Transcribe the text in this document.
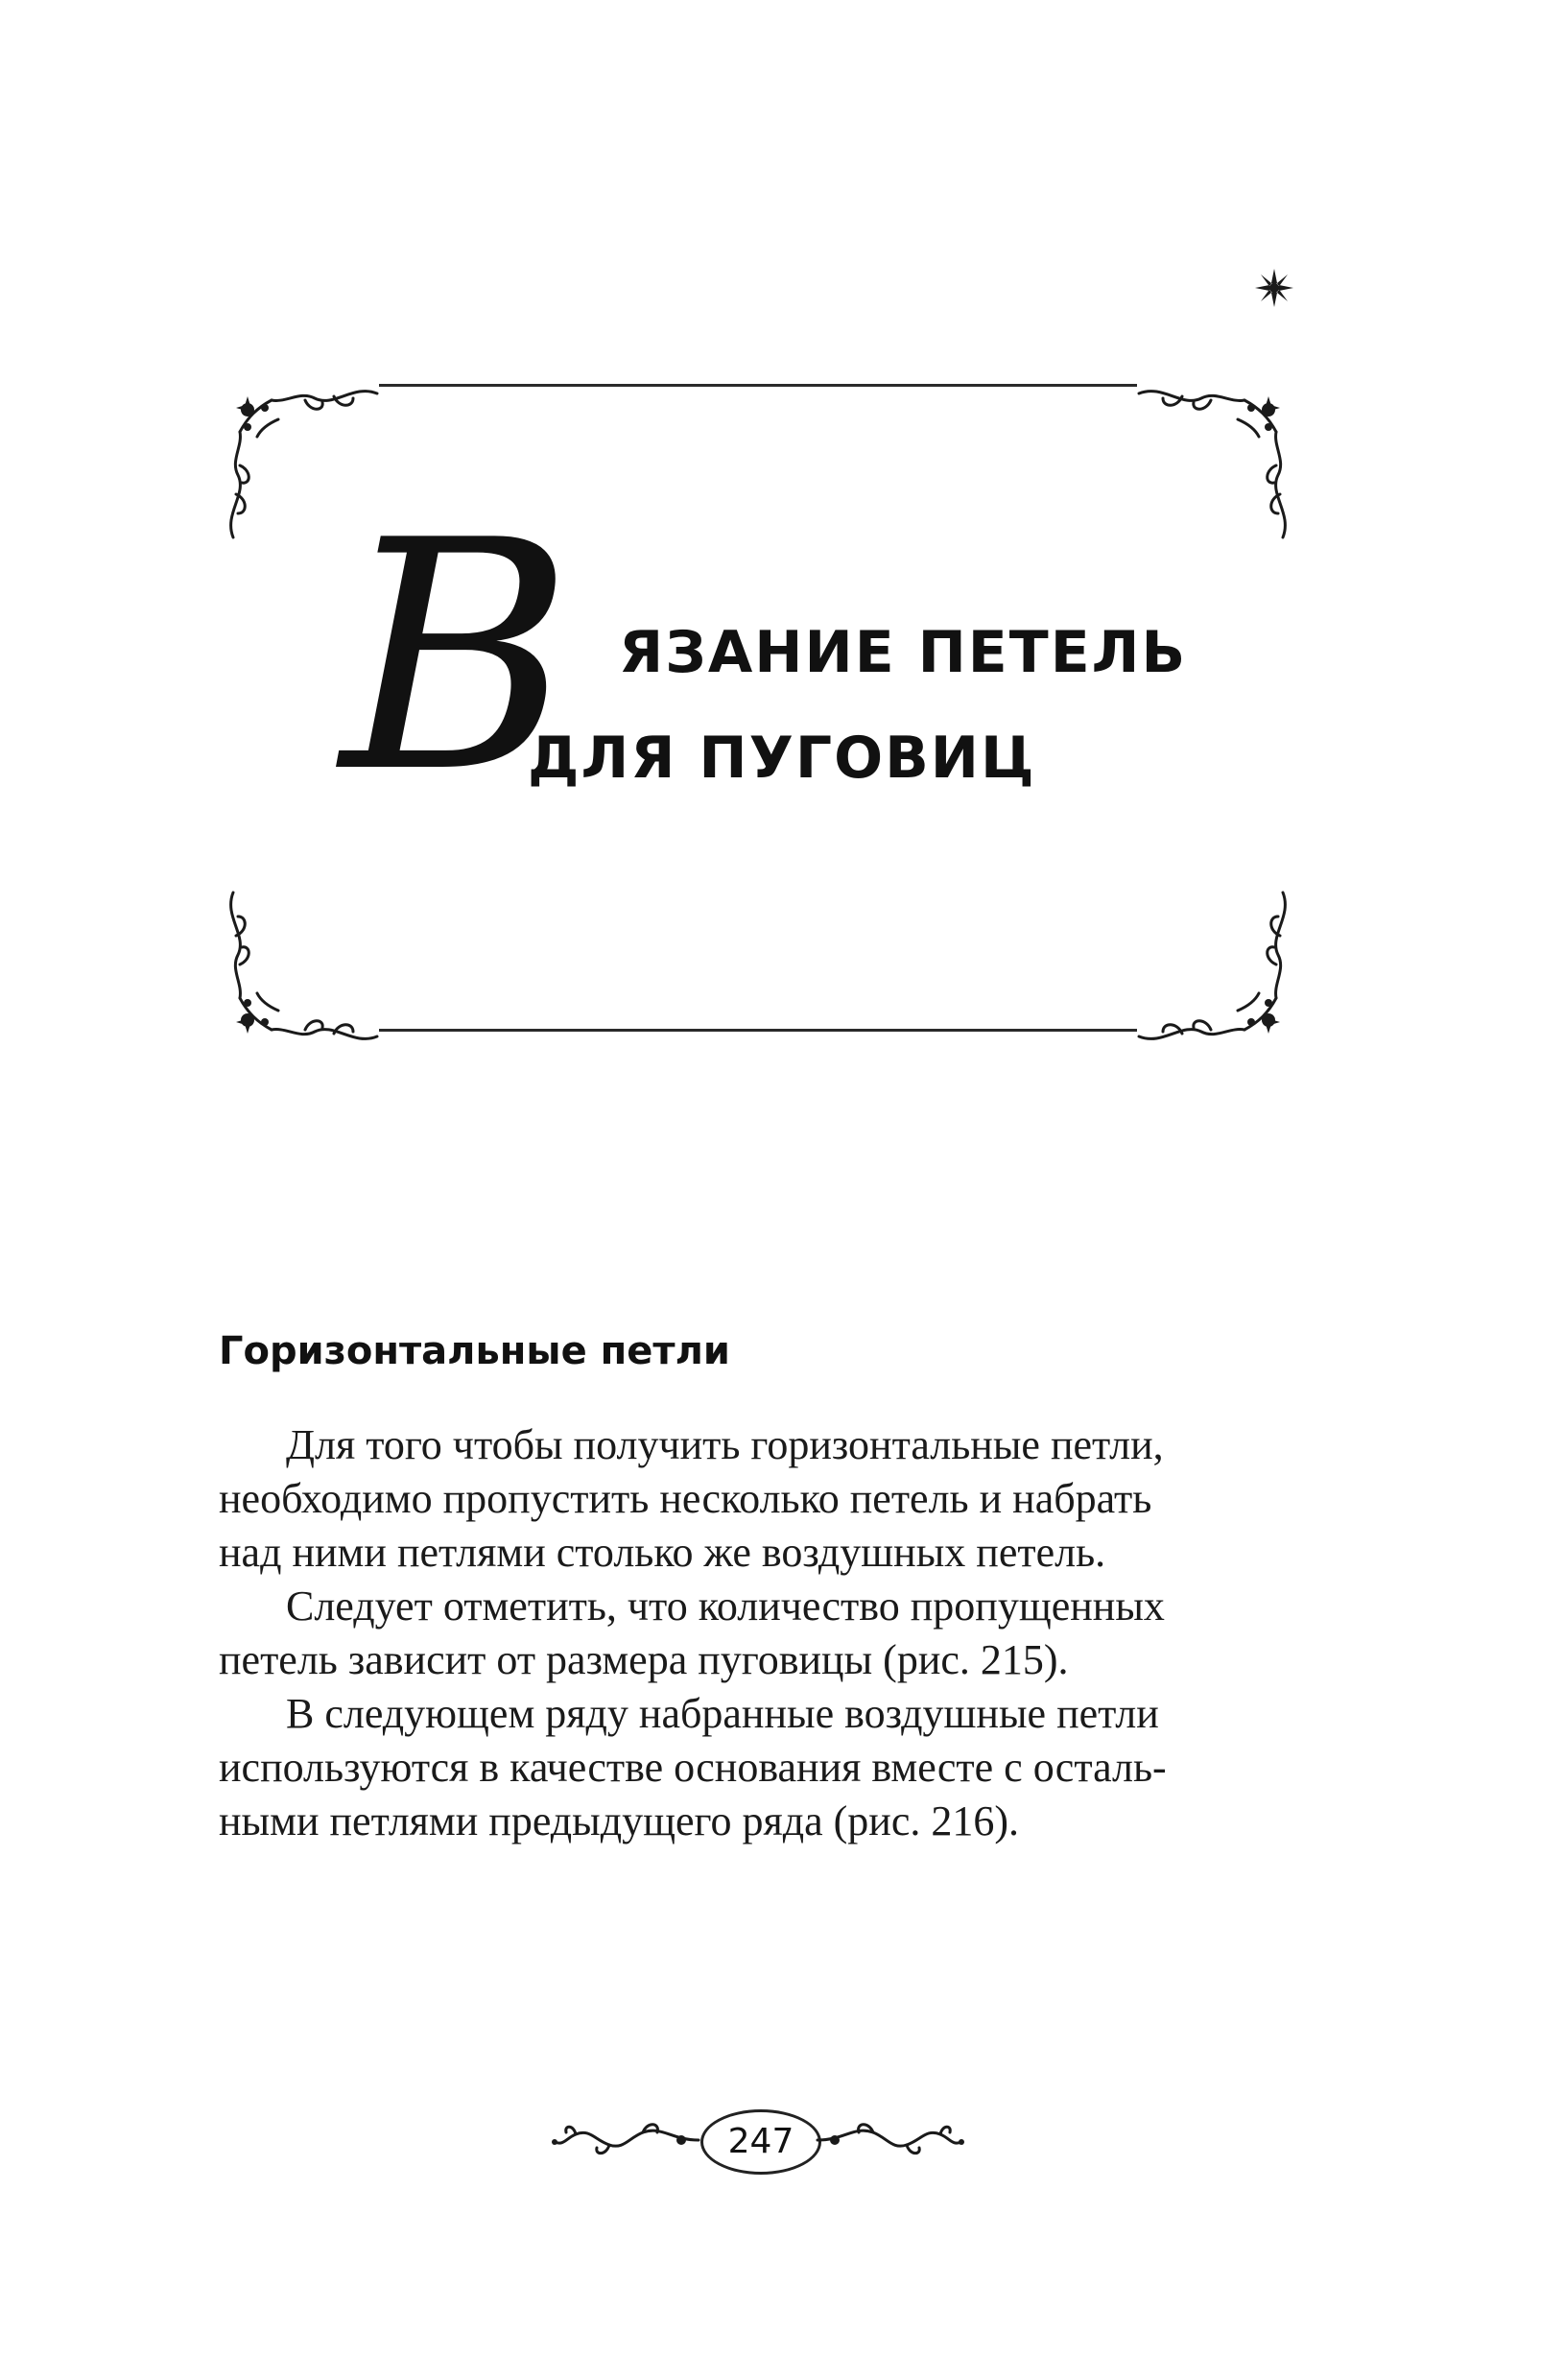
В ЯЗАНИЕ ПЕТЕЛЬ
ДЛЯ ПУГОВИЦ
Горизонтальные петли

Для того чтобы получить горизонтальные петли,
необходимо пропустить несколько петель и набрать
над ними петлями столько же воздушных петель.

Следует отметить, что количество пропущенных
петель зависит от размера пуговицы (рис. 215).

В следующем ряду набранные воздушные петли
используются в качестве основания вместе с осталь-
ными петлями предыдущего ряда (рис. 216).

247
